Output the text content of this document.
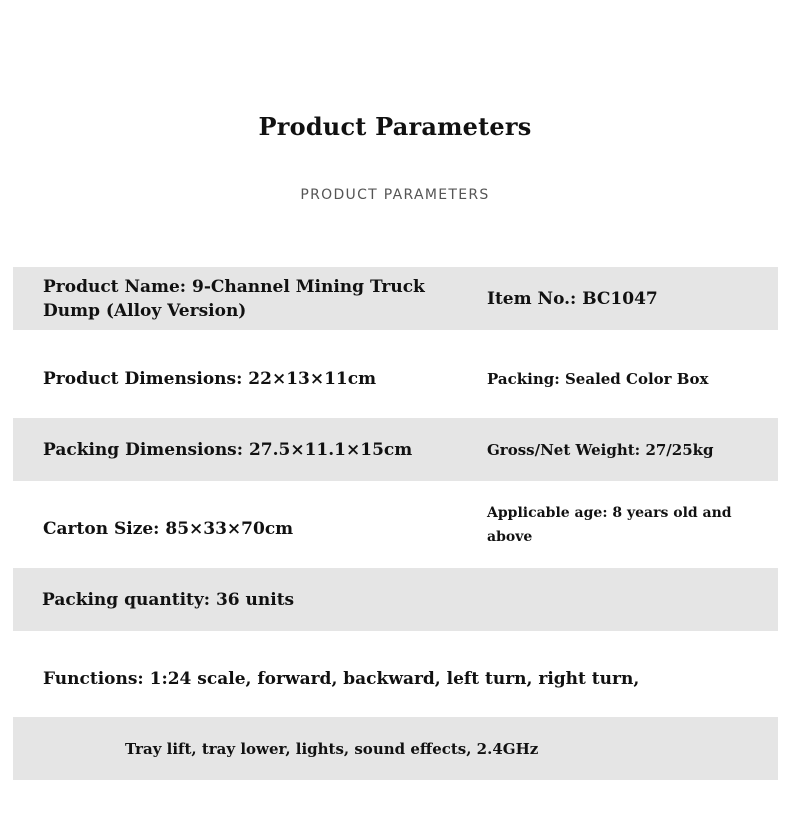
Product Parameters
PRODUCT PARAMETERS
Product Name: 9-Channel Mining Truck Dump (Alloy Version)
Item No.: BC1047
Product Dimensions: 22×13×11cm	Packing: Sealed Color Box
Packing Dimensions: 27.5×11.1×15cm	Gross/Net Weight: 27/25kg
Carton Size: 85×33×70cm
Applicable age: 8 years old and above
Packing quantity: 36 units
Functions: 1:24 scale, forward, backward, left turn, right turn,
Tray lift, tray lower, lights, sound effects, 2.4GHz
